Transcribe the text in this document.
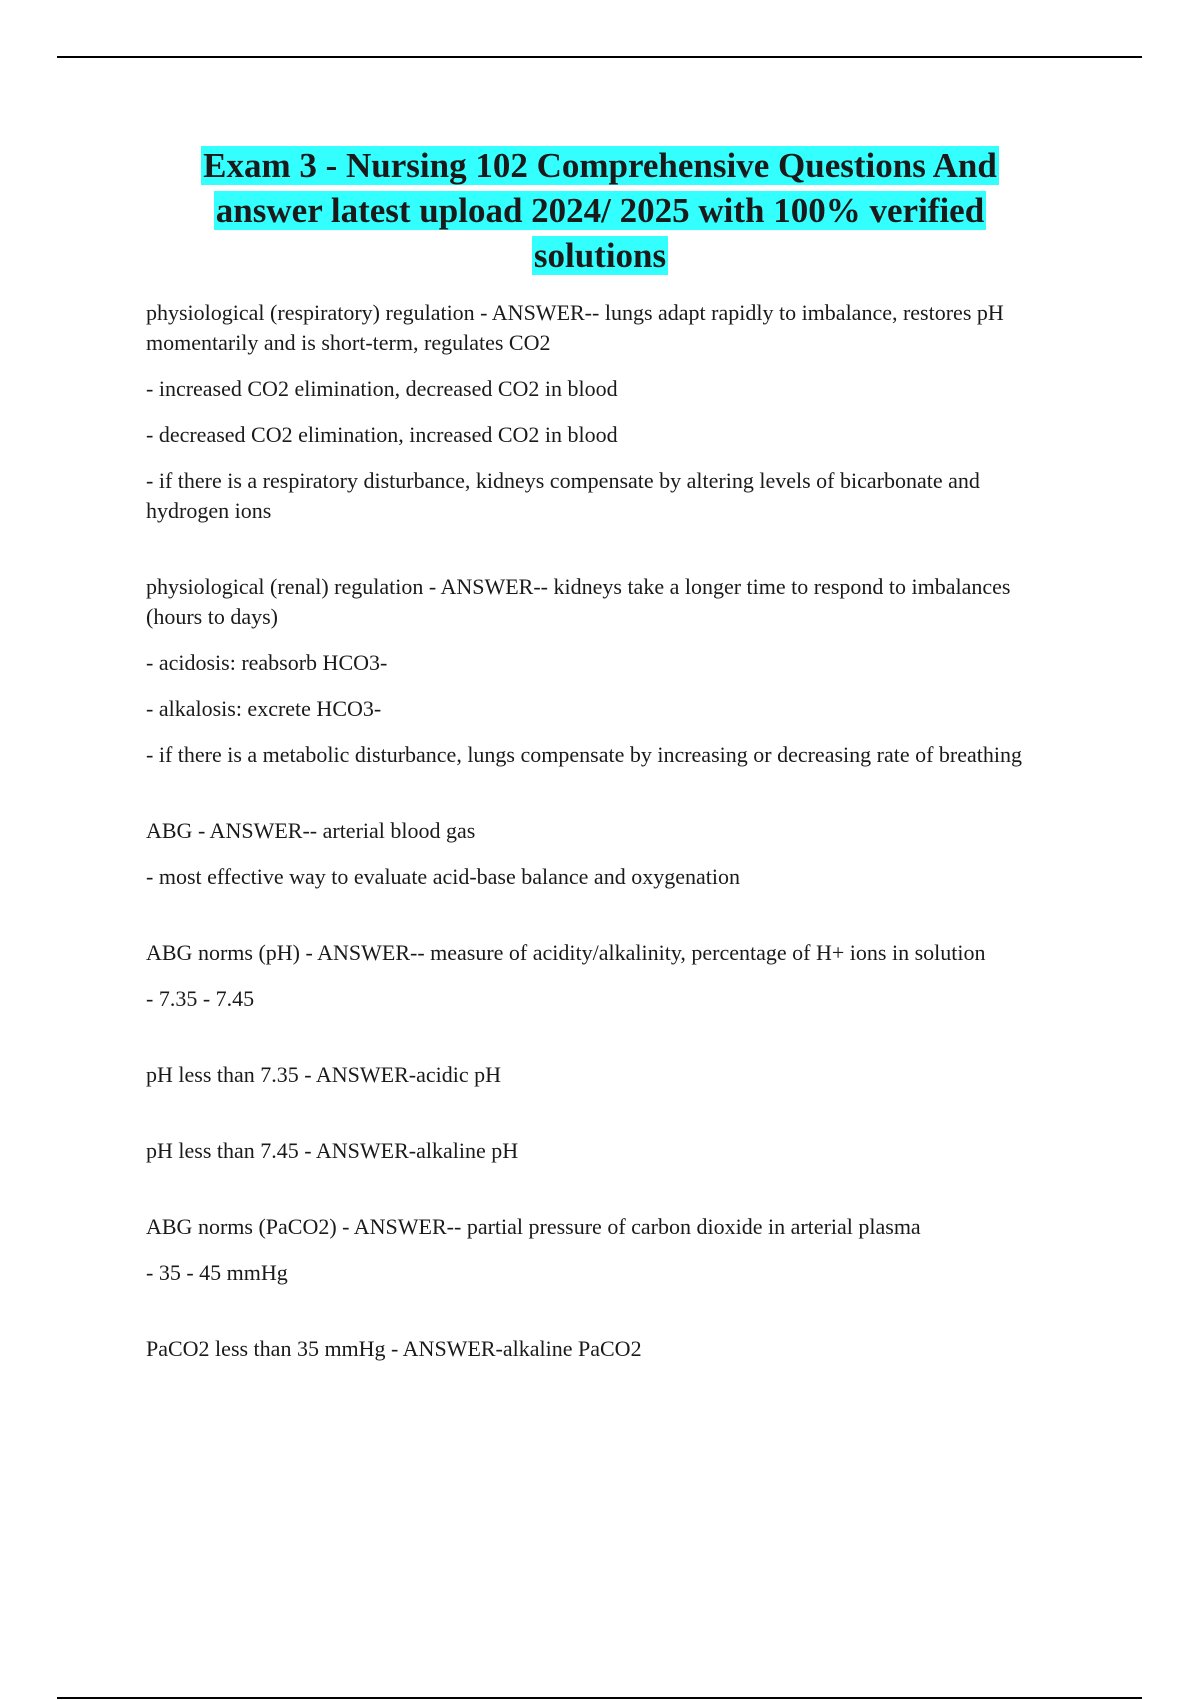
Exam 3 - Nursing 102 Comprehensive Questions And
answer latest upload 2024/ 2025 with 100% verified
solutions

physiological (respiratory) regulation - ANSWER-- lungs adapt rapidly to imbalance, restores pH momentarily and is short-term, regulates CO2

- increased CO2 elimination, decreased CO2 in blood

- decreased CO2 elimination, increased CO2 in blood

- if there is a respiratory disturbance, kidneys compensate by altering levels of bicarbonate and hydrogen ions

physiological (renal) regulation - ANSWER-- kidneys take a longer time to respond to imbalances (hours to days)

- acidosis: reabsorb HCO3-

- alkalosis: excrete HCO3-

- if there is a metabolic disturbance, lungs compensate by increasing or decreasing rate of breathing

ABG - ANSWER-- arterial blood gas

- most effective way to evaluate acid-base balance and oxygenation

ABG norms (pH) - ANSWER-- measure of acidity/alkalinity, percentage of H+ ions in solution

- 7.35 - 7.45

pH less than 7.35 - ANSWER-acidic pH

pH less than 7.45 - ANSWER-alkaline pH

ABG norms (PaCO2) - ANSWER-- partial pressure of carbon dioxide in arterial plasma

- 35 - 45 mmHg

PaCO2 less than 35 mmHg - ANSWER-alkaline PaCO2
